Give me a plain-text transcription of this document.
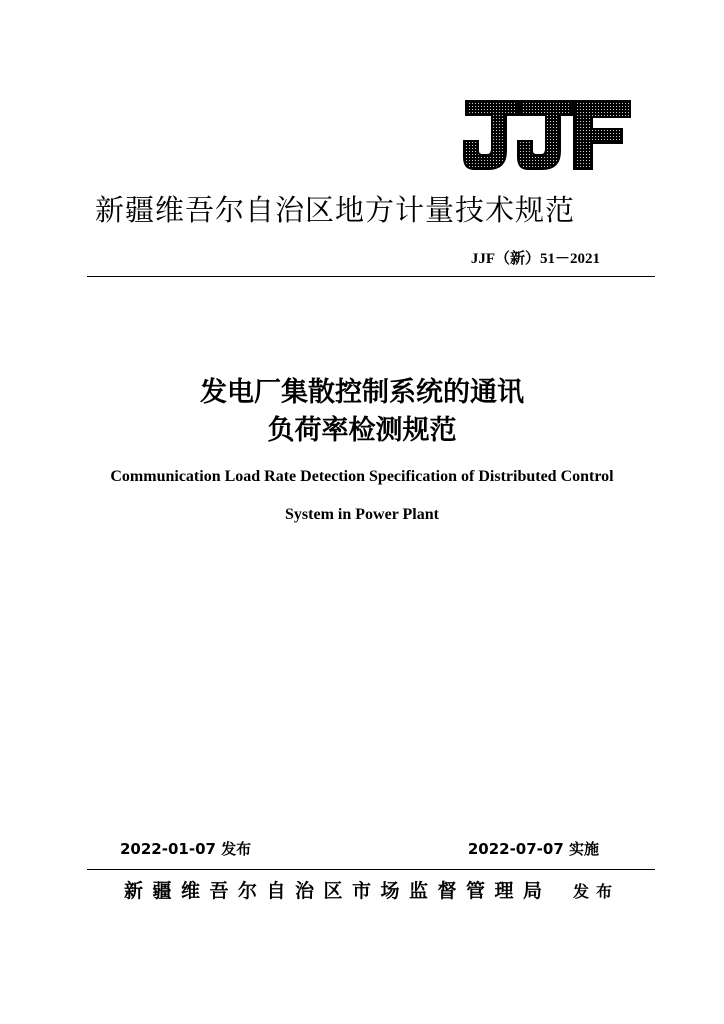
新疆维吾尔自治区地方计量技术规范
JJF（新）51－2021
发电厂集散控制系统的通讯
负荷率检测规范
Communication Load Rate Detection Specification of Distributed Control
System in Power Plant
2022-01-07 发布	2022-07-07 实施
新疆维吾尔自治区市场监督管理局 发布
